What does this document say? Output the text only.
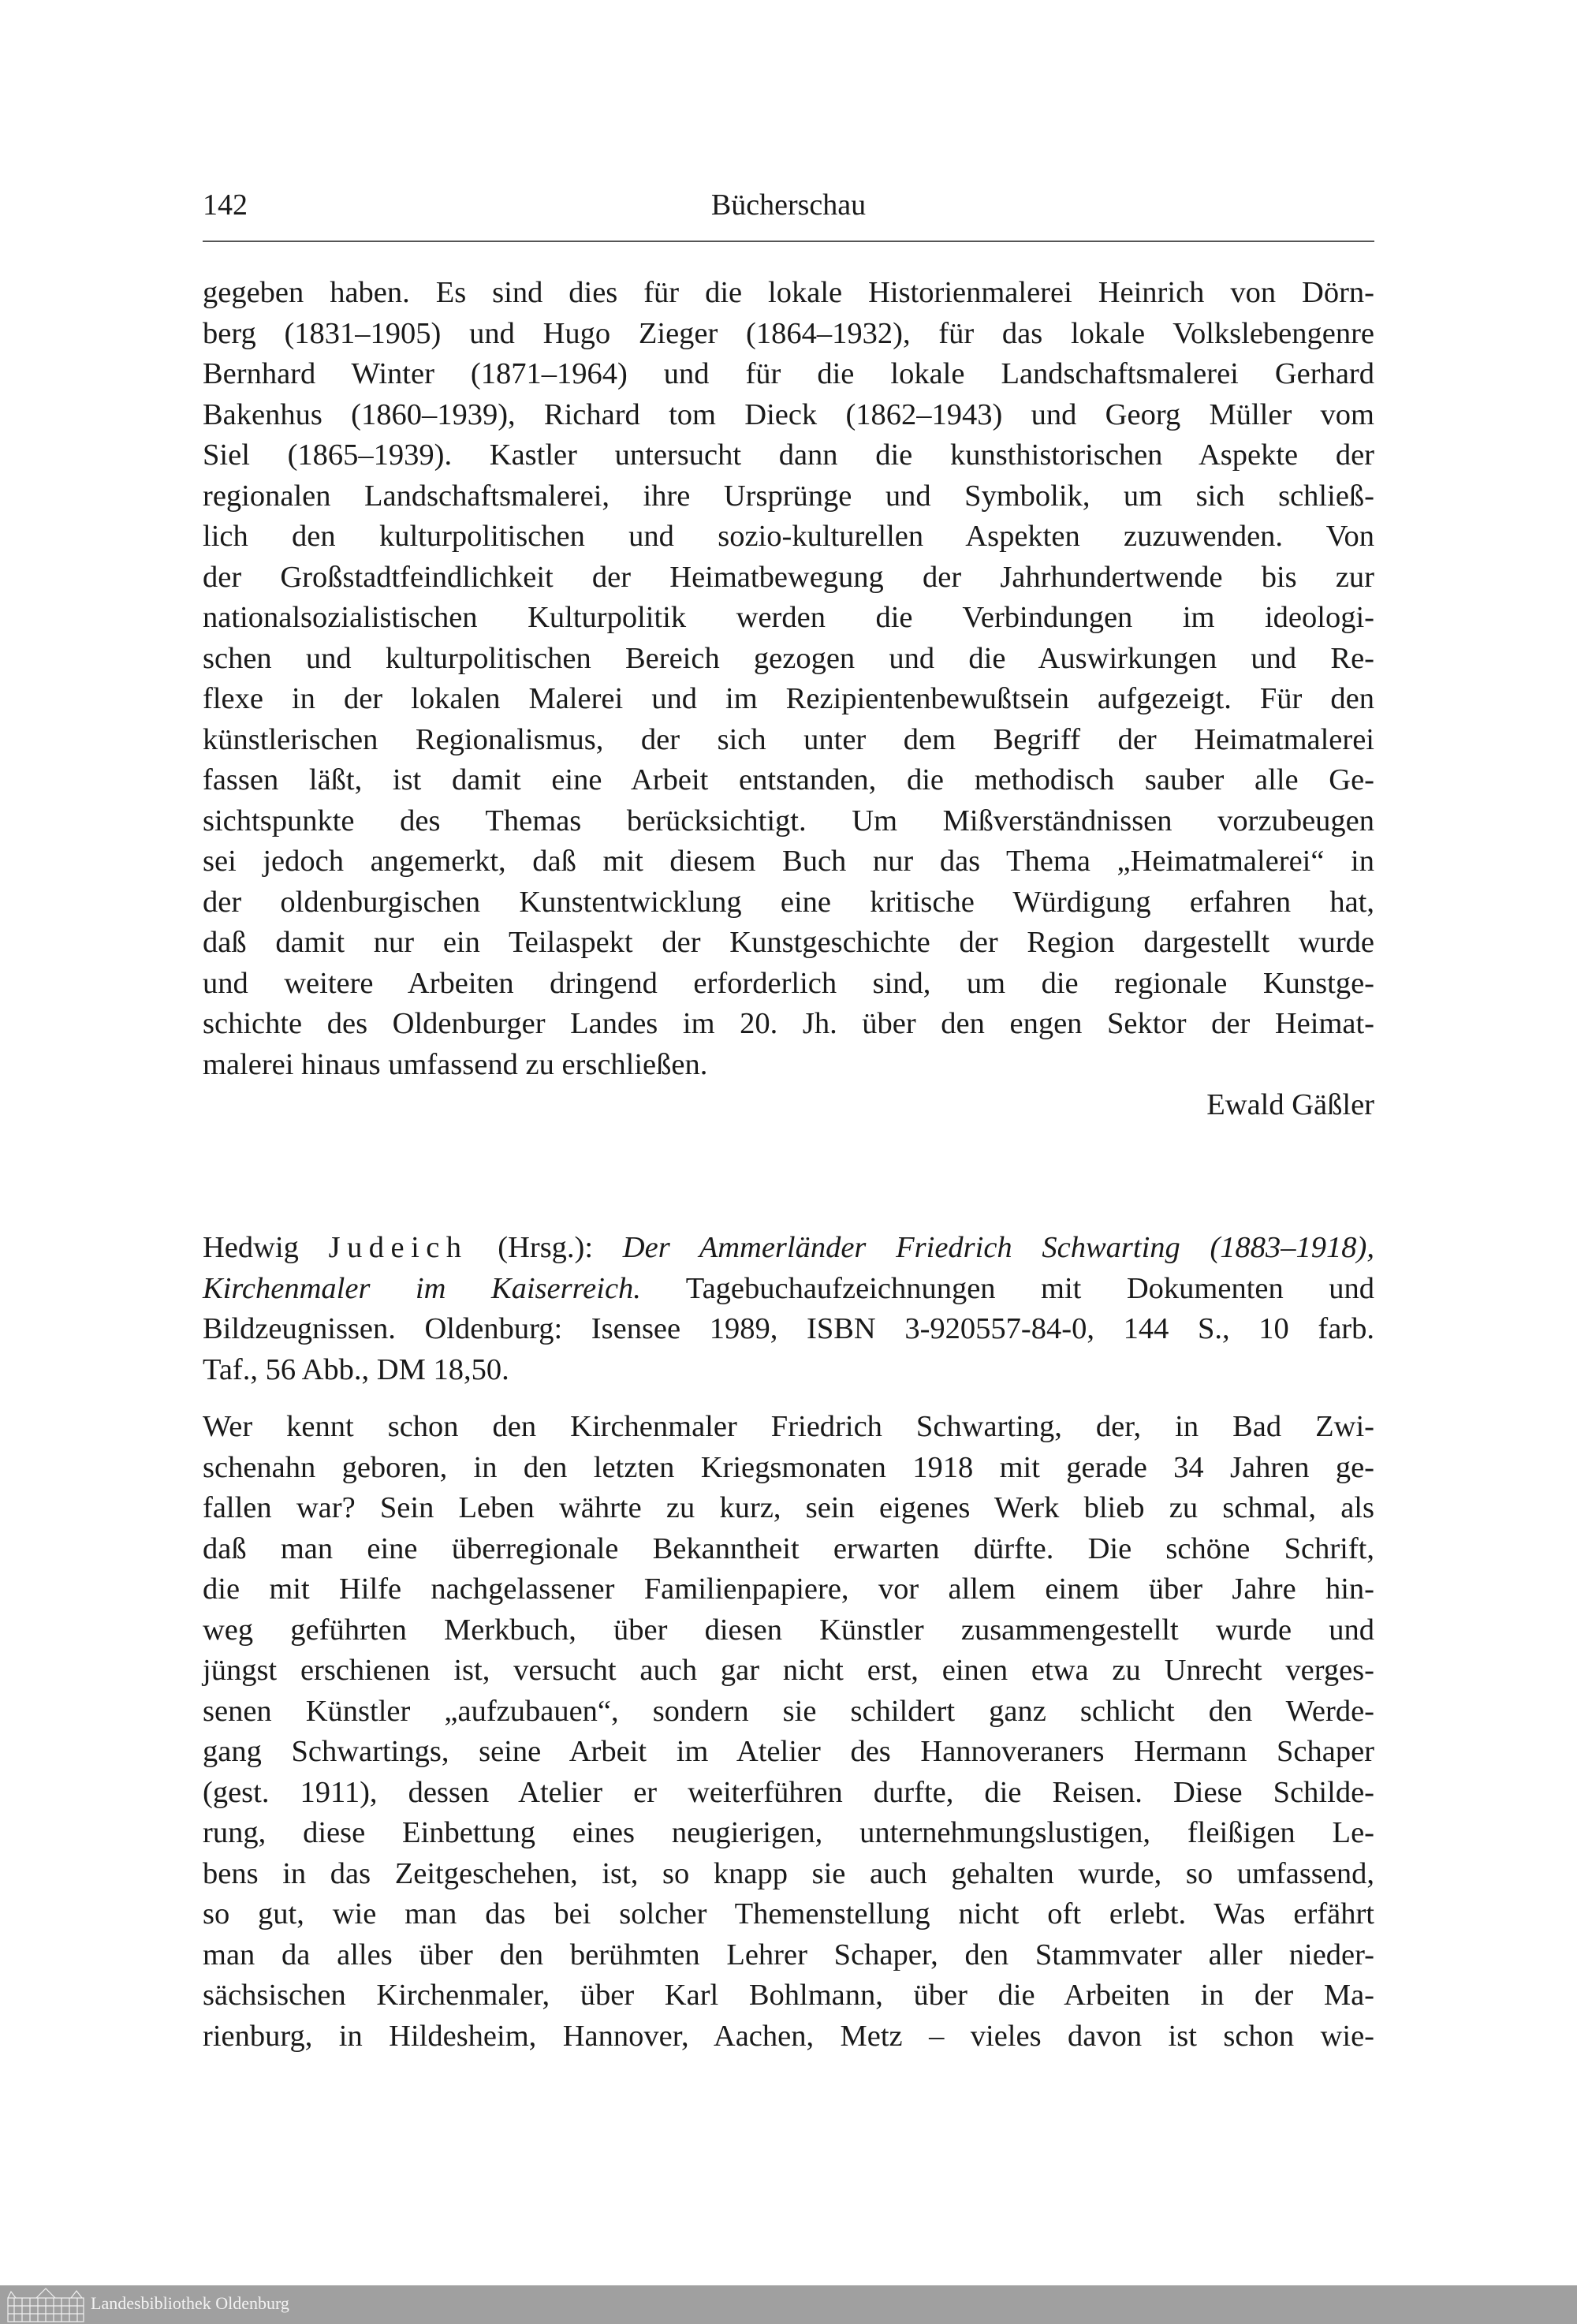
142	Bücherschau
gegeben haben. Es sind dies für die lokale Historienmalerei Heinrich von Dörn-
berg (1831–1905) und Hugo Zieger (1864–1932), für das lokale Volkslebengenre
Bernhard Winter (1871–1964) und für die lokale Landschaftsmalerei Gerhard
Bakenhus (1860–1939), Richard tom Dieck (1862–1943) und Georg Müller vom
Siel (1865–1939). Kastler untersucht dann die kunsthistorischen Aspekte der
regionalen Landschaftsmalerei, ihre Ursprünge und Symbolik, um sich schließ-
lich den kulturpolitischen und sozio-kulturellen Aspekten zuzuwenden. Von
der Großstadtfeindlichkeit der Heimatbewegung der Jahrhundertwende bis zur
nationalsozialistischen Kulturpolitik werden die Verbindungen im ideologi-
schen und kulturpolitischen Bereich gezogen und die Auswirkungen und Re-
flexe in der lokalen Malerei und im Rezipientenbewußtsein aufgezeigt. Für den
künstlerischen Regionalismus, der sich unter dem Begriff der Heimatmalerei
fassen läßt, ist damit eine Arbeit entstanden, die methodisch sauber alle Ge-
sichtspunkte des Themas berücksichtigt. Um Mißverständnissen vorzubeugen
sei jedoch angemerkt, daß mit diesem Buch nur das Thema „Heimatmalerei“ in
der oldenburgischen Kunstentwicklung eine kritische Würdigung erfahren hat,
daß damit nur ein Teilaspekt der Kunstgeschichte der Region dargestellt wurde
und weitere Arbeiten dringend erforderlich sind, um die regionale Kunstge-
schichte des Oldenburger Landes im 20. Jh. über den engen Sektor der Heimat-
malerei hinaus umfassend zu erschließen.
Ewald Gäßler
Hedwig Judeich (Hrsg.): Der Ammerländer Friedrich Schwarting (1883–1918),
Kirchenmaler im Kaiserreich. Tagebuchaufzeichnungen mit Dokumenten und
Bildzeugnissen. Oldenburg: Isensee 1989, ISBN 3-920557-84-0, 144 S., 10 farb.
Taf., 56 Abb., DM 18,50.
Wer kennt schon den Kirchenmaler Friedrich Schwarting, der, in Bad Zwi-
schenahn geboren, in den letzten Kriegsmonaten 1918 mit gerade 34 Jahren ge-
fallen war? Sein Leben währte zu kurz, sein eigenes Werk blieb zu schmal, als
daß man eine überregionale Bekanntheit erwarten dürfte. Die schöne Schrift,
die mit Hilfe nachgelassener Familienpapiere, vor allem einem über Jahre hin-
weg geführten Merkbuch, über diesen Künstler zusammengestellt wurde und
jüngst erschienen ist, versucht auch gar nicht erst, einen etwa zu Unrecht verges-
senen Künstler „aufzubauen“, sondern sie schildert ganz schlicht den Werde-
gang Schwartings, seine Arbeit im Atelier des Hannoveraners Hermann Schaper
(gest. 1911), dessen Atelier er weiterführen durfte, die Reisen. Diese Schilde-
rung, diese Einbettung eines neugierigen, unternehmungslustigen, fleißigen Le-
bens in das Zeitgeschehen, ist, so knapp sie auch gehalten wurde, so umfassend,
so gut, wie man das bei solcher Themenstellung nicht oft erlebt. Was erfährt
man da alles über den berühmten Lehrer Schaper, den Stammvater aller nieder-
sächsischen Kirchenmaler, über Karl Bohlmann, über die Arbeiten in der Ma-
rienburg, in Hildesheim, Hannover, Aachen, Metz – vieles davon ist schon wie-
Landesbibliothek Oldenburg
